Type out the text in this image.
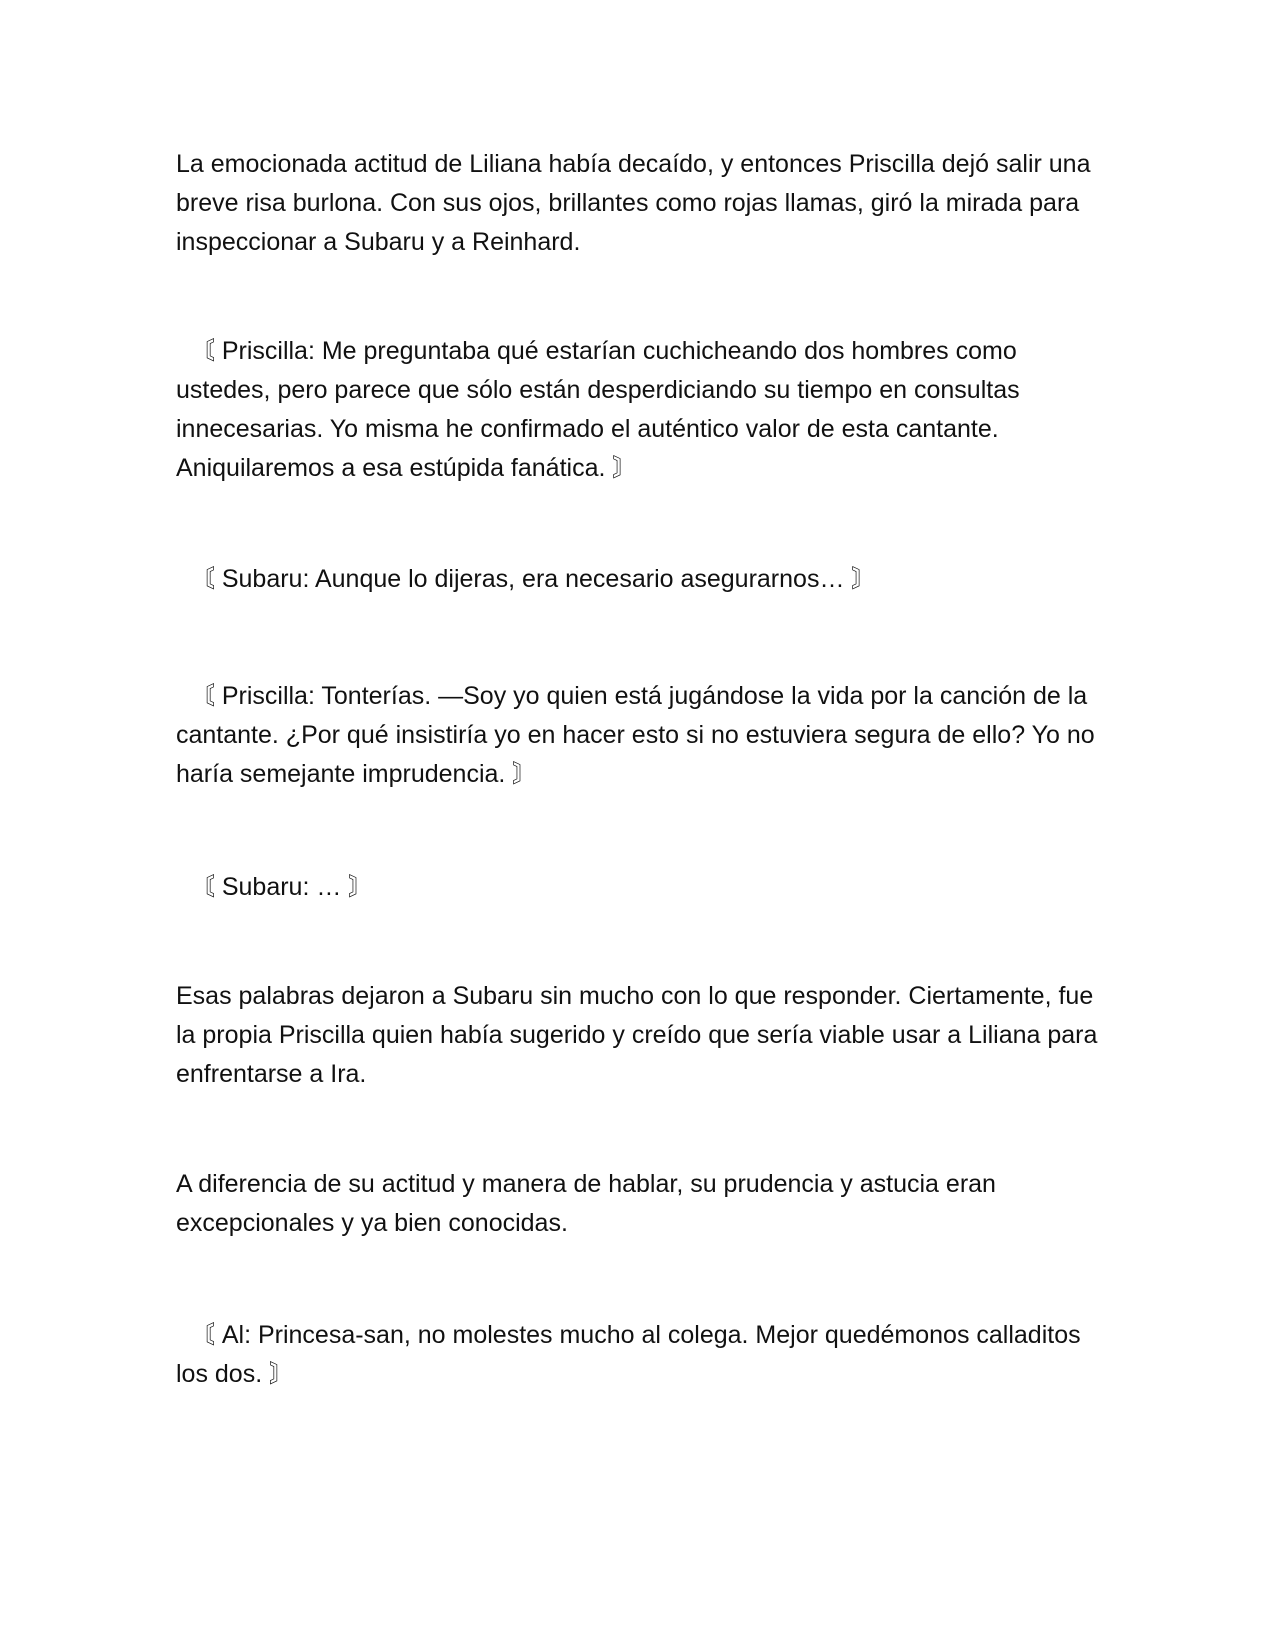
La emocionada actitud de Liliana había decaído, y entonces Priscilla dejó salir una breve risa burlona. Con sus ojos, brillantes como rojas llamas, giró la mirada para inspeccionar a Subaru y a Reinhard.

〘 Priscilla: Me preguntaba qué estarían cuchicheando dos hombres como ustedes, pero parece que sólo están desperdiciando su tiempo en consultas innecesarias. Yo misma he confirmado el auténtico valor de esta cantante. Aniquilaremos a esa estúpida fanática. 〙

〘 Subaru: Aunque lo dijeras, era necesario asegurarnos… 〙

〘 Priscilla: Tonterías. —Soy yo quien está jugándose la vida por la canción de la cantante. ¿Por qué insistiría yo en hacer esto si no estuviera segura de ello? Yo no haría semejante imprudencia. 〙

〘 Subaru: … 〙

Esas palabras dejaron a Subaru sin mucho con lo que responder. Ciertamente, fue la propia Priscilla quien había sugerido y creído que sería viable usar a Liliana para enfrentarse a Ira.

A diferencia de su actitud y manera de hablar, su prudencia y astucia eran excepcionales y ya bien conocidas.

〘 Al: Princesa-san, no molestes mucho al colega. Mejor quedémonos calladitos los dos. 〙
